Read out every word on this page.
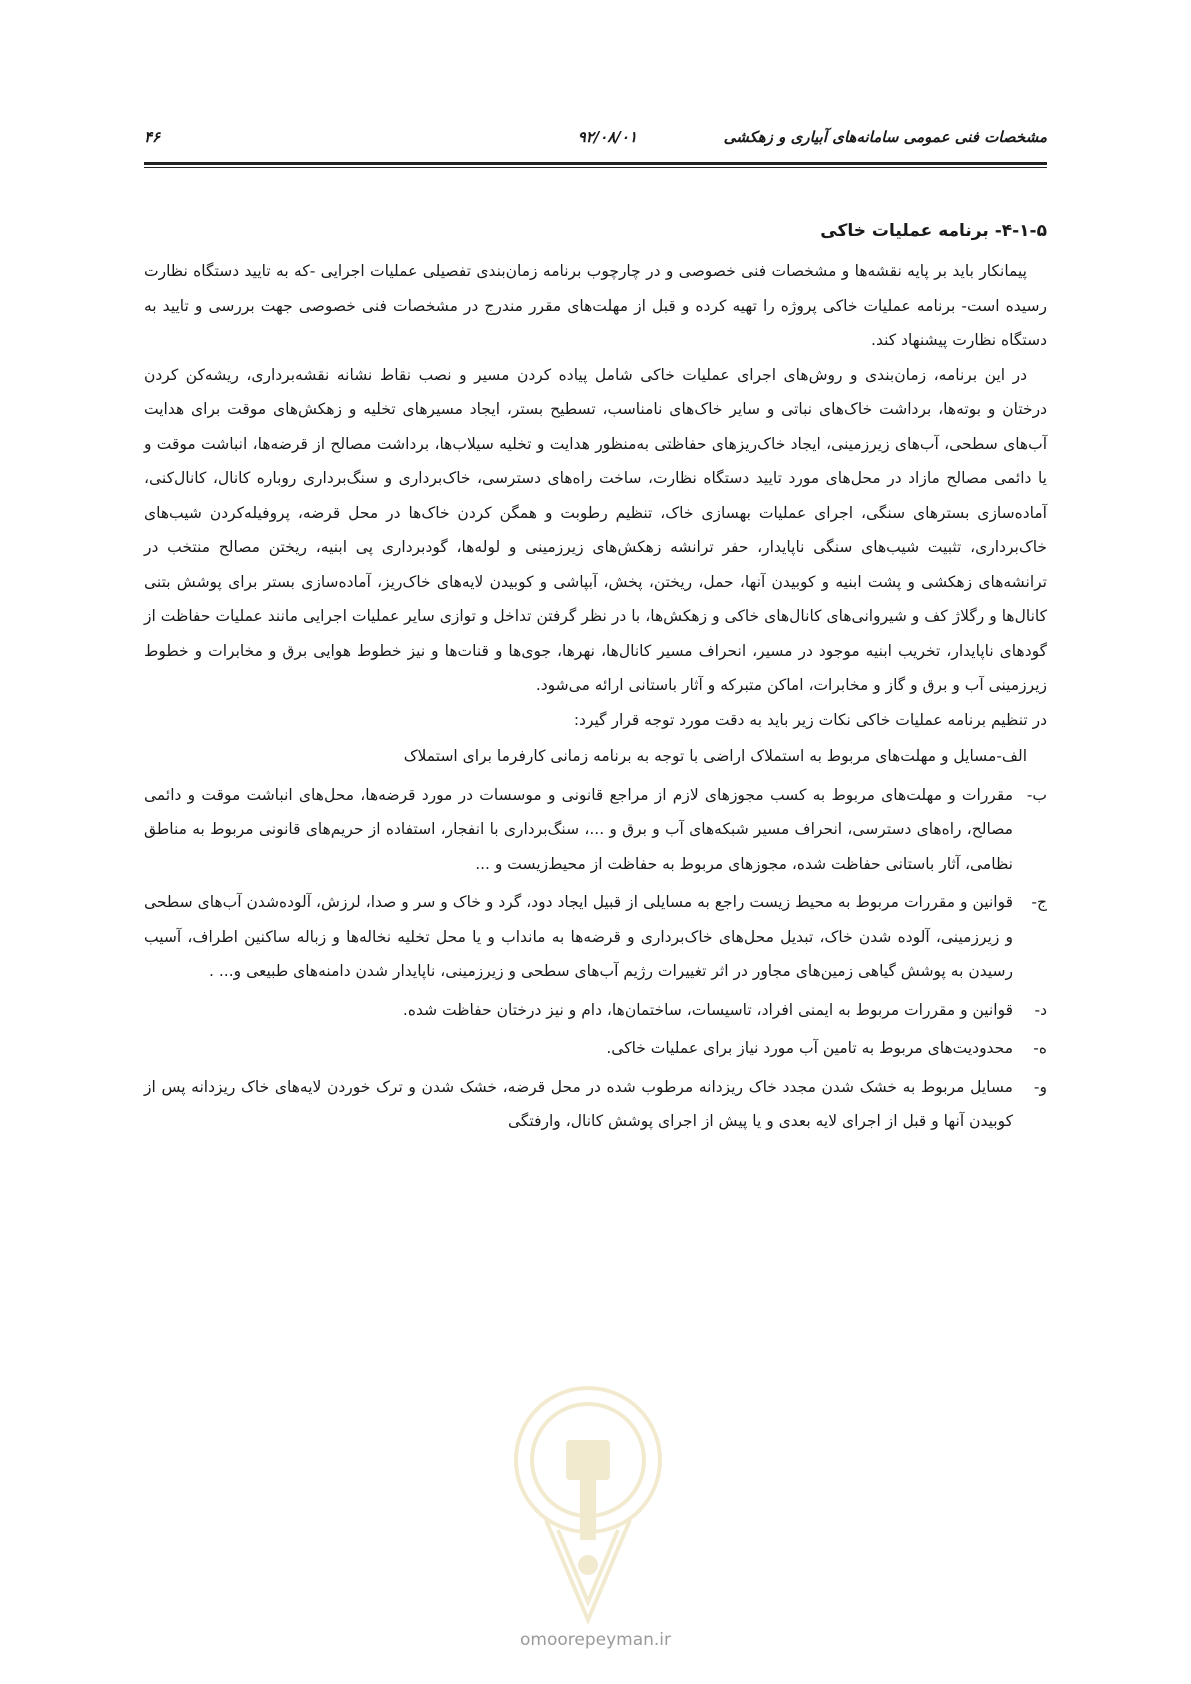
مشخصات فنی عمومی سامانه‌های آبیاری و زهکشی
۹۲/۰۸/۰۱
۴۶
۴-۱-۵- برنامه عملیات خاکی

پیمانکار باید بر پایه نقشه‌ها و مشخصات فنی خصوصی و در چارچوب برنامه زمان‌بندی تفصیلی عملیات اجرایی -که به تایید دستگاه نظارت رسیده است- برنامه عملیات خاکی پروژه را تهیه کرده و قبل از مهلت‌های مقرر مندرج در مشخصات فنی خصوصی جهت بررسی و تایید به دستگاه نظارت پیشنهاد کند.

در این برنامه، زمان‌بندی و روش‌های اجرای عملیات خاکی شامل پیاده کردن مسیر و نصب نقاط نشانه نقشه‌برداری، ریشه‌کن کردن درختان و بوته‌ها، برداشت خاک‌های نباتی و سایر خاک‌های نامناسب، تسطیح بستر، ایجاد مسیرهای تخلیه و زهکش‌های موقت برای هدایت آب‌های سطحی، آب‌های زیرزمینی، ایجاد خاک‌ریزهای حفاظتی به‌منظور هدایت و تخلیه سیلاب‌ها، برداشت مصالح از قرضه‌ها، انباشت موقت و یا دائمی مصالح مازاد در محل‌های مورد تایید دستگاه نظارت، ساخت راه‌های دسترسی، خاک‌برداری و سنگ‌برداری روباره کانال، کانال‌کنی، آماده‌سازی بسترهای سنگی، اجرای عملیات بهسازی خاک، تنظیم رطوبت و همگن کردن خاک‌ها در محل قرضه، پروفیله‌کردن شیب‌های خاک‌برداری، تثبیت شیب‌های سنگی ناپایدار، حفر ترانشه زهکش‌های زیرزمینی و لوله‌ها، گودبرداری پی ابنیه، ریختن مصالح منتخب در ترانشه‌های زهکشی و پشت ابنیه و کوبیدن آنها، حمل، ریختن، پخش، آبپاشی و کوبیدن لایه‌های خاک‌ریز، آماده‌سازی بستر برای پوشش بتنی کانال‌ها و رگلاژ کف و شیروانی‌های کانال‌های خاکی و زهکش‌ها، با در نظر گرفتن تداخل و توازی سایر عملیات اجرایی مانند عملیات حفاظت از گودهای ناپایدار، تخریب ابنیه موجود در مسیر، انحراف مسیر کانال‌ها، نهرها، جوی‌ها و قنات‌ها و نیز خطوط هوایی برق و مخابرات و خطوط زیرزمینی آب و برق و گاز و مخابرات، اماکن متبرکه و آثار باستانی ارائه می‌شود.

در تنظیم برنامه عملیات خاکی نکات زیر باید به دقت مورد توجه قرار گیرد:

الف-
مسایل و مهلت‌های مربوط به استملاک اراضی با توجه به برنامه زمانی کارفرما برای استملاک
ب-
مقررات و مهلت‌های مربوط به کسب مجوزهای لازم از مراجع قانونی و موسسات در مورد قرضه‌ها، محل‌های انباشت موقت و دائمی مصالح، راه‌های دسترسی، انحراف مسیر شبکه‌های آب و برق و ...، سنگ‌برداری با انفجار، استفاده از حریم‌های قانونی مربوط به مناطق نظامی، آثار باستانی حفاظت شده، مجوزهای مربوط به حفاظت از محیط‌زیست و ...
ج-
قوانین و مقررات مربوط به محیط زیست راجع به مسایلی از قبیل ایجاد دود، گرد و خاک و سر و صدا، لرزش، آلوده‌شدن آب‌های سطحی و زیرزمینی، آلوده شدن خاک، تبدیل محل‌های خاک‌برداری و قرضه‌ها به مانداب و یا محل تخلیه نخاله‌ها و زباله ساکنین اطراف، آسیب رسیدن به پوشش گیاهی زمین‌های مجاور در اثر تغییرات رژیم آب‌های سطحی و زیرزمینی، ناپایدار شدن دامنه‌های طبیعی و... .
د-
قوانین و مقررات مربوط به ایمنی افراد، تاسیسات، ساختمان‌ها، دام و نیز درختان حفاظت شده.
ه-
محدودیت‌های مربوط به تامین آب مورد نیاز برای عملیات خاکی.
و-
مسایل مربوط به خشک شدن مجدد خاک ریزدانه مرطوب شده در محل قرضه، خشک شدن و ترک خوردن لایه‌های خاک ریزدانه پس از کوبیدن آنها و قبل از اجرای لایه بعدی و یا پیش از اجرای پوشش کانال، وارفتگی
omoorepeyman.ir
